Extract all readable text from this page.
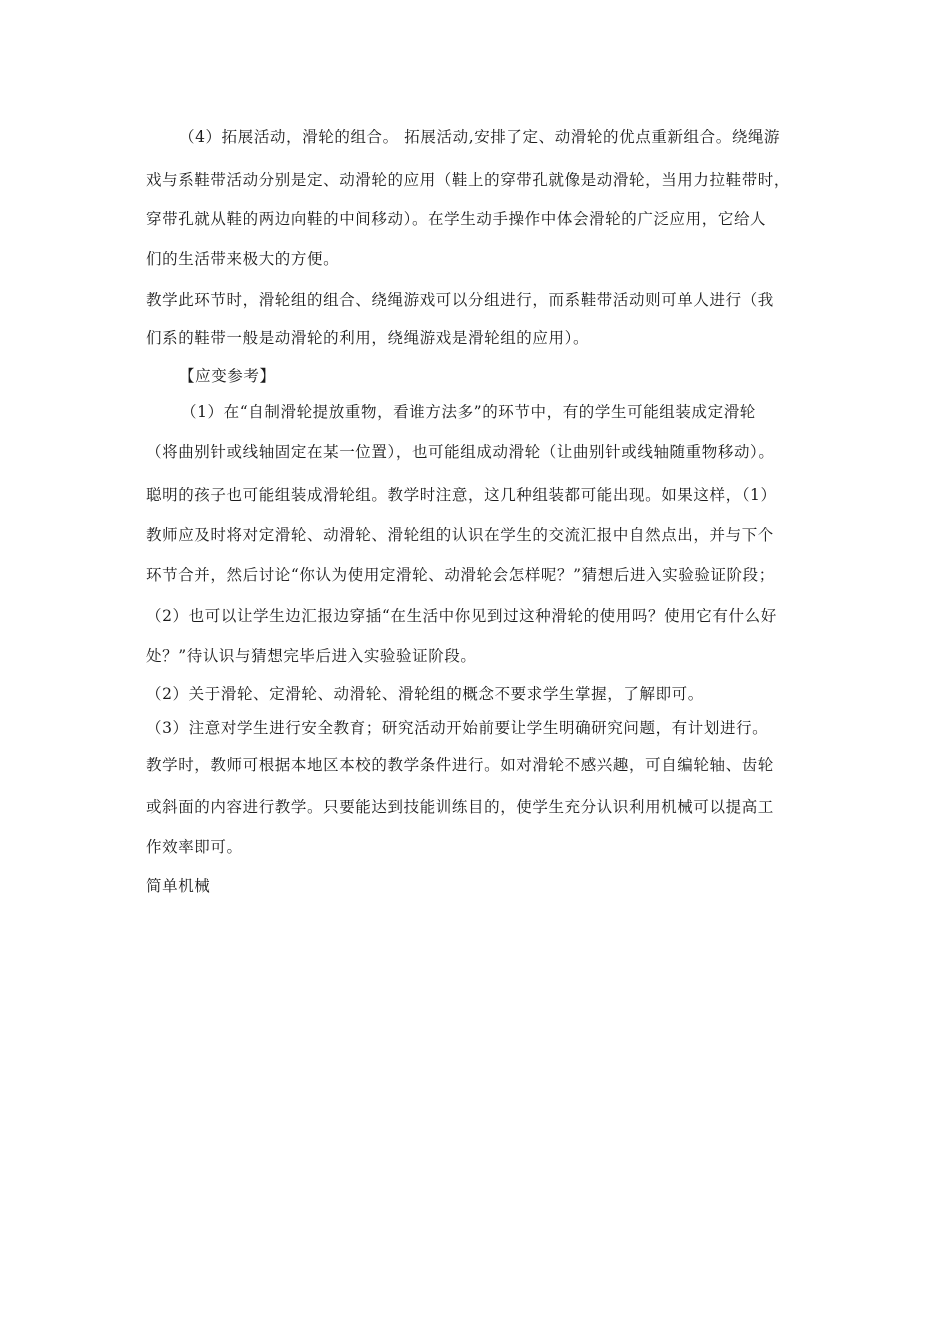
（4）拓展活动，滑轮的组合。 拓展活动,安排了定、动滑轮的优点重新组合。绕绳游
戏与系鞋带活动分别是定、动滑轮的应用（鞋上的穿带孔就像是动滑轮，当用力拉鞋带时，
穿带孔就从鞋的两边向鞋的中间移动）。在学生动手操作中体会滑轮的广泛应用，它给人
们的生活带来极大的方便。
教学此环节时，滑轮组的组合、绕绳游戏可以分组进行，而系鞋带活动则可单人进行（我
们系的鞋带一般是动滑轮的利用，绕绳游戏是滑轮组的应用）。
【应变参考】
（1）在“自制滑轮提放重物，看谁方法多”的环节中，有的学生可能组装成定滑轮
（将曲别针或线轴固定在某一位置），也可能组成动滑轮（让曲别针或线轴随重物移动）。
聪明的孩子也可能组装成滑轮组。教学时注意，这几种组装都可能出现。如果这样，（1）
教师应及时将对定滑轮、动滑轮、滑轮组的认识在学生的交流汇报中自然点出，并与下个
环节合并，然后讨论“你认为使用定滑轮、动滑轮会怎样呢？”猜想后进入实验验证阶段；
（2）也可以让学生边汇报边穿插“在生活中你见到过这种滑轮的使用吗？使用它有什么好
处？”待认识与猜想完毕后进入实验验证阶段。
（2）关于滑轮、定滑轮、动滑轮、滑轮组的概念不要求学生掌握，了解即可。
（3）注意对学生进行安全教育；研究活动开始前要让学生明确研究问题，有计划进行。
教学时，教师可根据本地区本校的教学条件进行。如对滑轮不感兴趣，可自编轮轴、齿轮
或斜面的内容进行教学。只要能达到技能训练目的，使学生充分认识利用机械可以提高工
作效率即可。
简单机械
